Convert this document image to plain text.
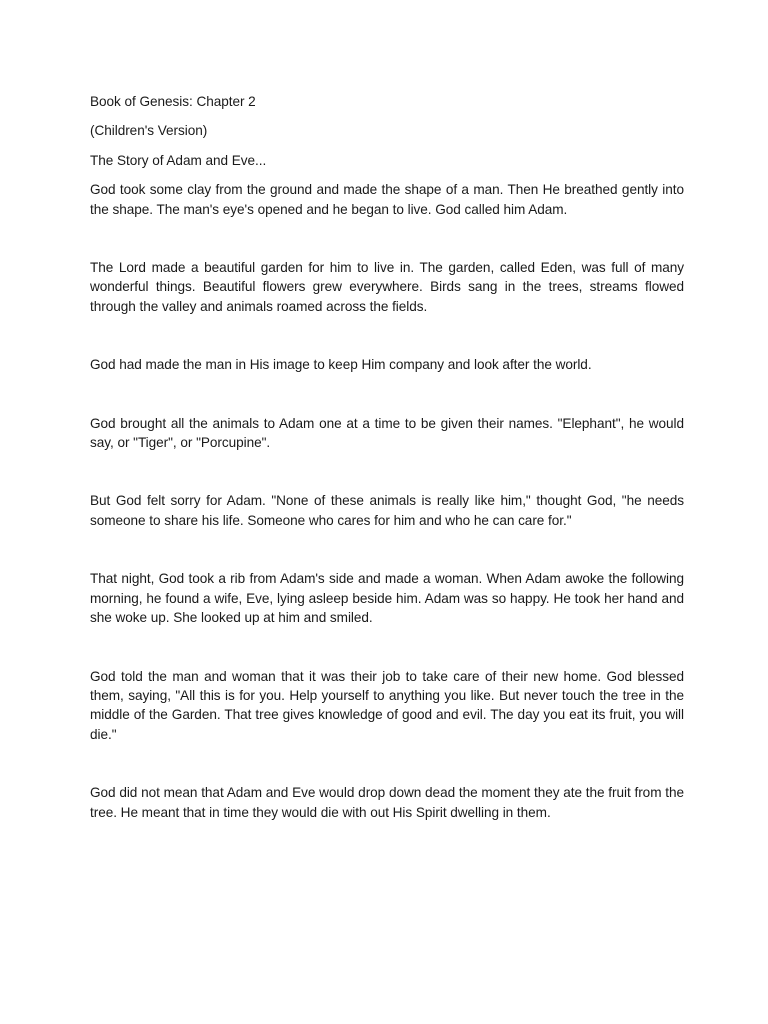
Book of Genesis: Chapter 2

(Children's Version)

The Story of Adam and Eve...

God took some clay from the ground and made the shape of a man. Then He breathed gently into the shape. The man's eye's opened and he began to live. God called him Adam.

The Lord made a beautiful garden for him to live in. The garden, called Eden, was full of many wonderful things. Beautiful flowers grew everywhere. Birds sang in the trees, streams flowed through the valley and animals roamed across the fields.

God had made the man in His image to keep Him company and look after the world.

God brought all the animals to Adam one at a time to be given their names. "Elephant", he would say, or "Tiger", or "Porcupine".

But God felt sorry for Adam. "None of these animals is really like him," thought God, "he needs someone to share his life. Someone who cares for him and who he can care for."

That night, God took a rib from Adam's side and made a woman. When Adam awoke the following morning, he found a wife, Eve, lying asleep beside him. Adam was so happy. He took her hand and she woke up. She looked up at him and smiled.

God told the man and woman that it was their job to take care of their new home. God blessed them, saying, "All this is for you. Help yourself to anything you like. But never touch the tree in the middle of the Garden. That tree gives knowledge of good and evil. The day you eat its fruit, you will die."

God did not mean that Adam and Eve would drop down dead the moment they ate the fruit from the tree. He meant that in time they would die with out His Spirit dwelling in them.
